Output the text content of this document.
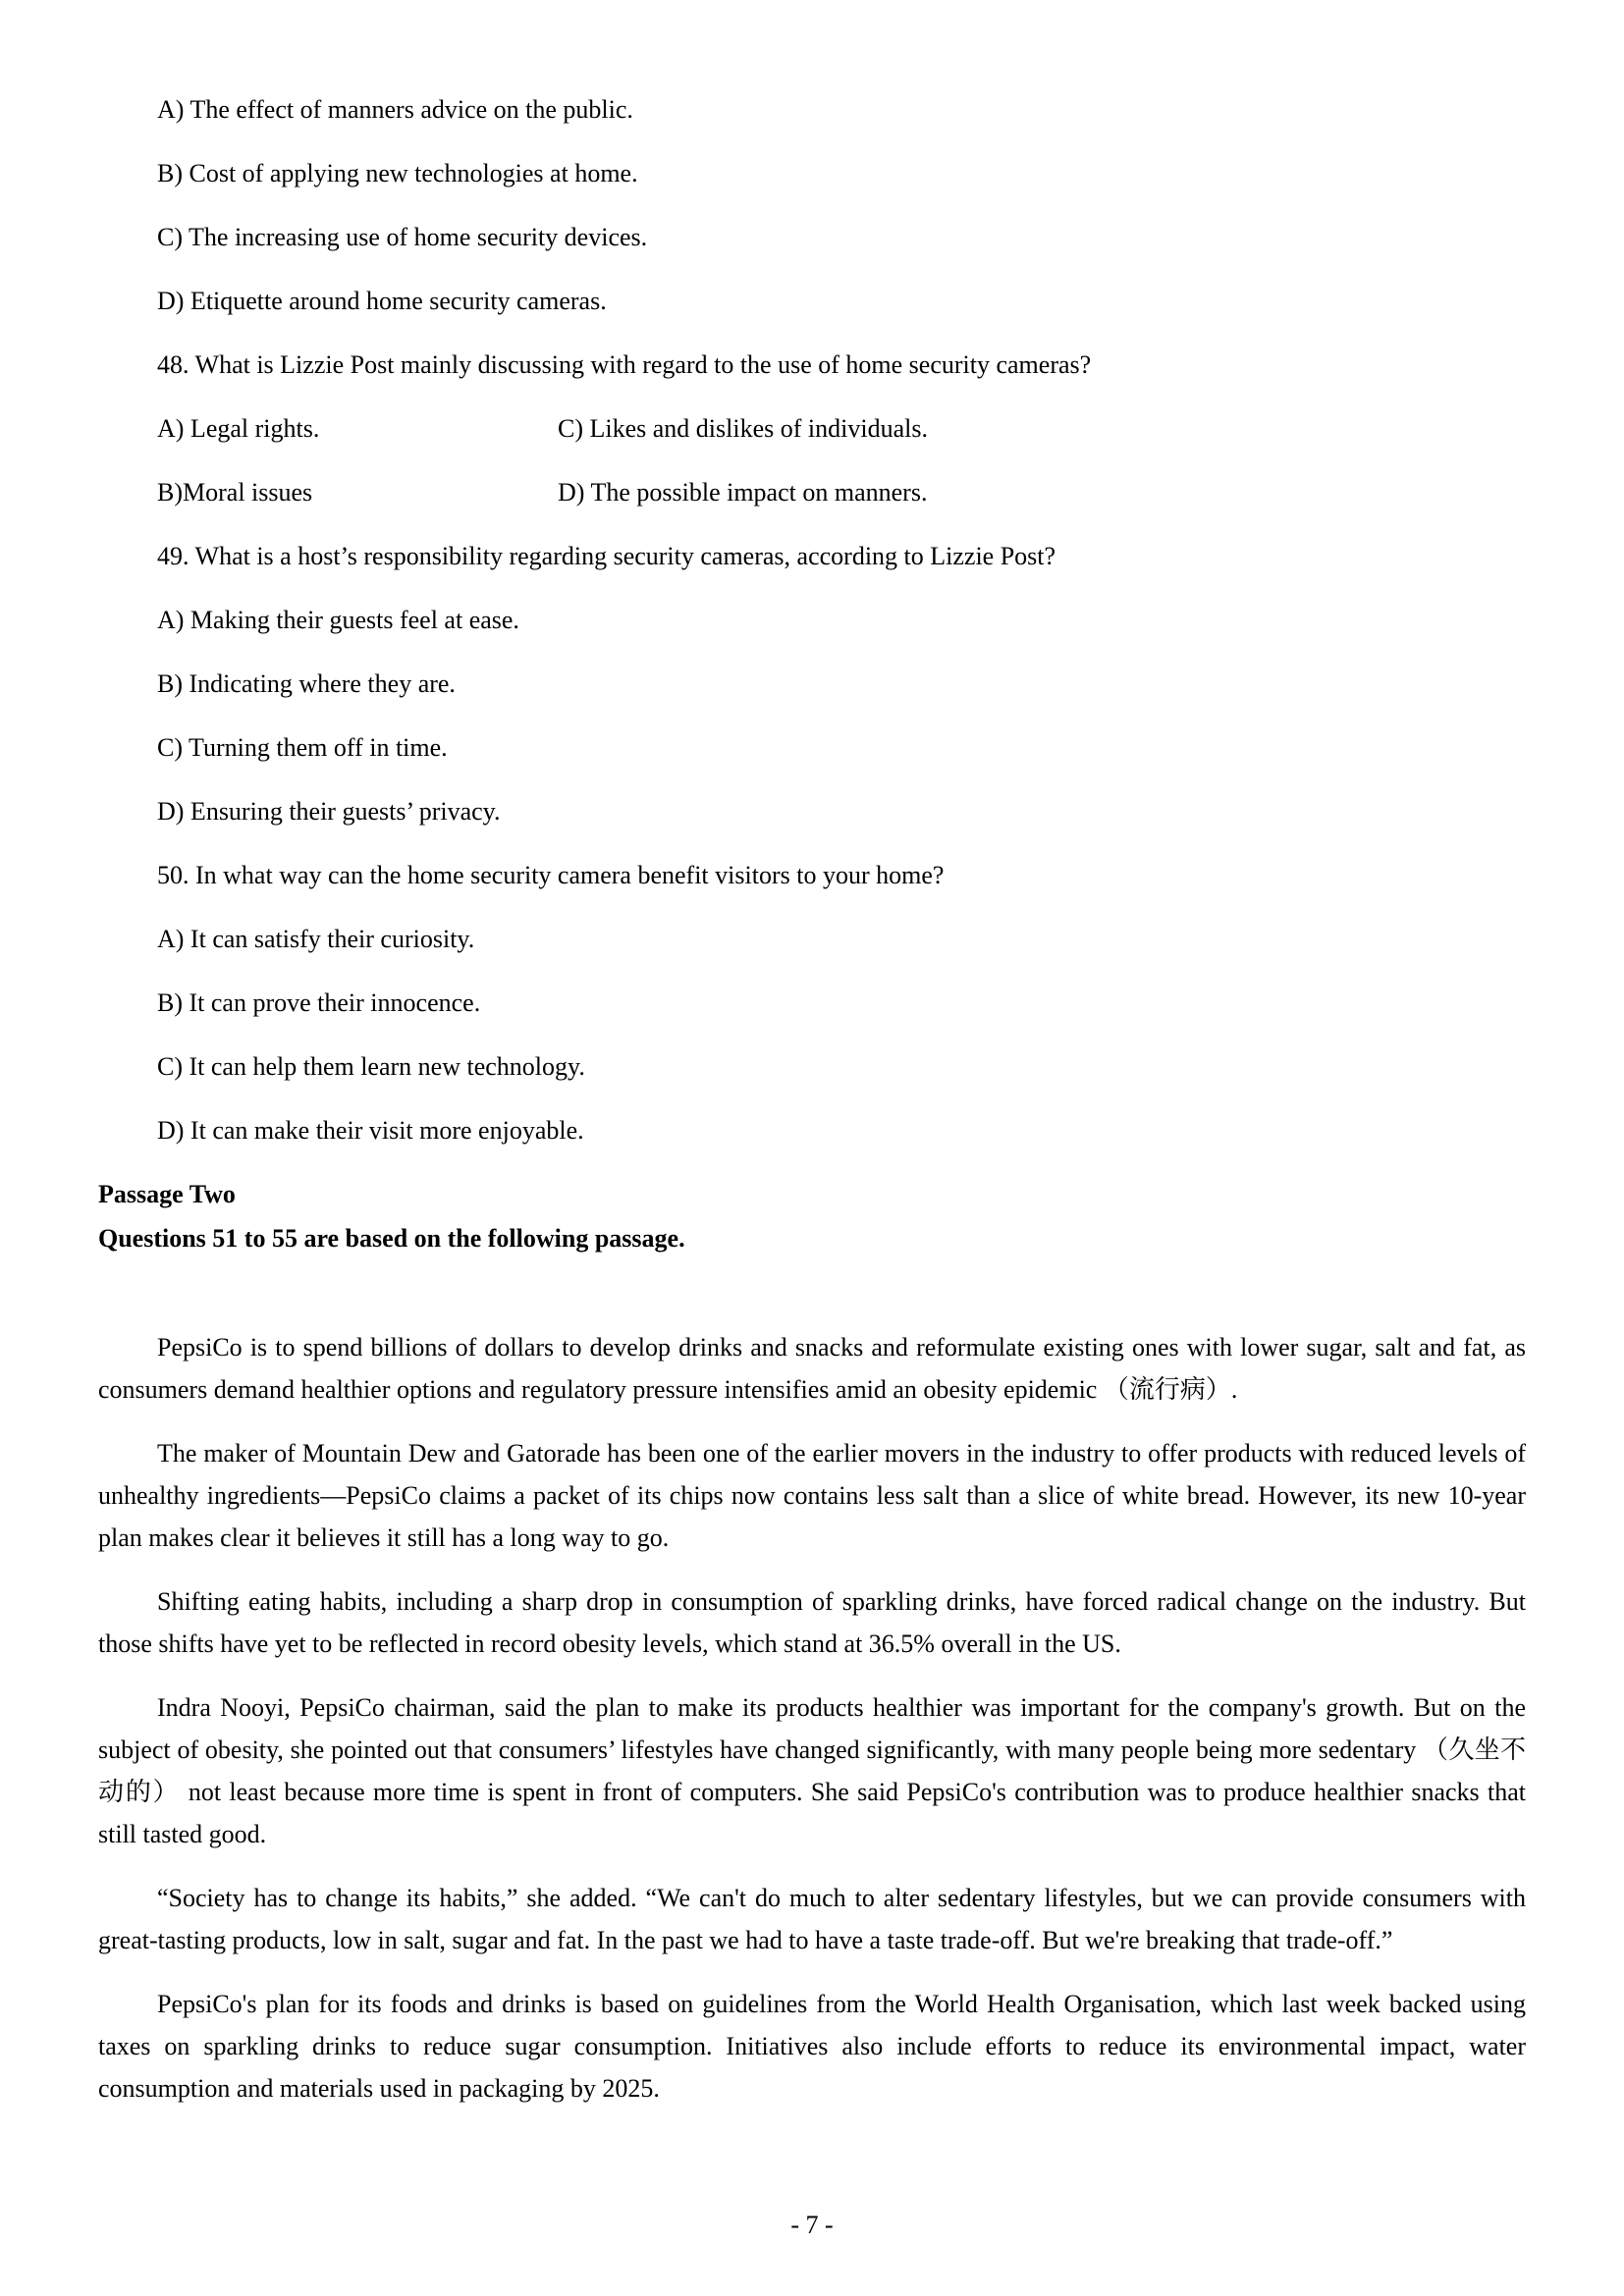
A) The effect of manners advice on the public.
B) Cost of applying new technologies at home.
C) The increasing use of home security devices.
D) Etiquette around home security cameras.
48. What is Lizzie Post mainly discussing with regard to the use of home security cameras?
A) Legal rights.	C) Likes and dislikes of individuals.
B)Moral issues	D) The possible impact on manners.
49. What is a host’s responsibility regarding security cameras, according to Lizzie Post?
A) Making their guests feel at ease.
B) Indicating where they are.
C) Turning them off in time.
D) Ensuring their guests’ privacy.
50. In what way can the home security camera benefit visitors to your home?
A) It can satisfy their curiosity.
B) It can prove their innocence.
C) It can help them learn new technology.
D) It can make their visit more enjoyable.
Passage Two
Questions 51 to 55 are based on the following passage.
PepsiCo is to spend billions of dollars to develop drinks and snacks and reformulate existing ones with lower sugar, salt and fat, as consumers demand healthier options and regulatory pressure intensifies amid an obesity epidemic （流行病）.
The maker of Mountain Dew and Gatorade has been one of the earlier movers in the industry to offer products with reduced levels of unhealthy ingredients—PepsiCo claims a packet of its chips now contains less salt than a slice of white bread. However, its new 10-year plan makes clear it believes it still has a long way to go.
Shifting eating habits, including a sharp drop in consumption of sparkling drinks, have forced radical change on the industry. But those shifts have yet to be reflected in record obesity levels, which stand at 36.5% overall in the US.
Indra Nooyi, PepsiCo chairman, said the plan to make its products healthier was important for the company's growth. But on the subject of obesity, she pointed out that consumers’ lifestyles have changed significantly, with many people being more sedentary （久坐不动的） not least because more time is spent in front of computers. She said PepsiCo's contribution was to produce healthier snacks that still tasted good.
“Society has to change its habits,” she added. “We can't do much to alter sedentary lifestyles, but we can provide consumers with great-tasting products, low in salt, sugar and fat. In the past we had to have a taste trade-off. But we're breaking that trade-off.”
PepsiCo's plan for its foods and drinks is based on guidelines from the World Health Organisation, which last week backed using taxes on sparkling drinks to reduce sugar consumption. Initiatives also include efforts to reduce its environmental impact, water consumption and materials used in packaging by 2025.
- 7 -
